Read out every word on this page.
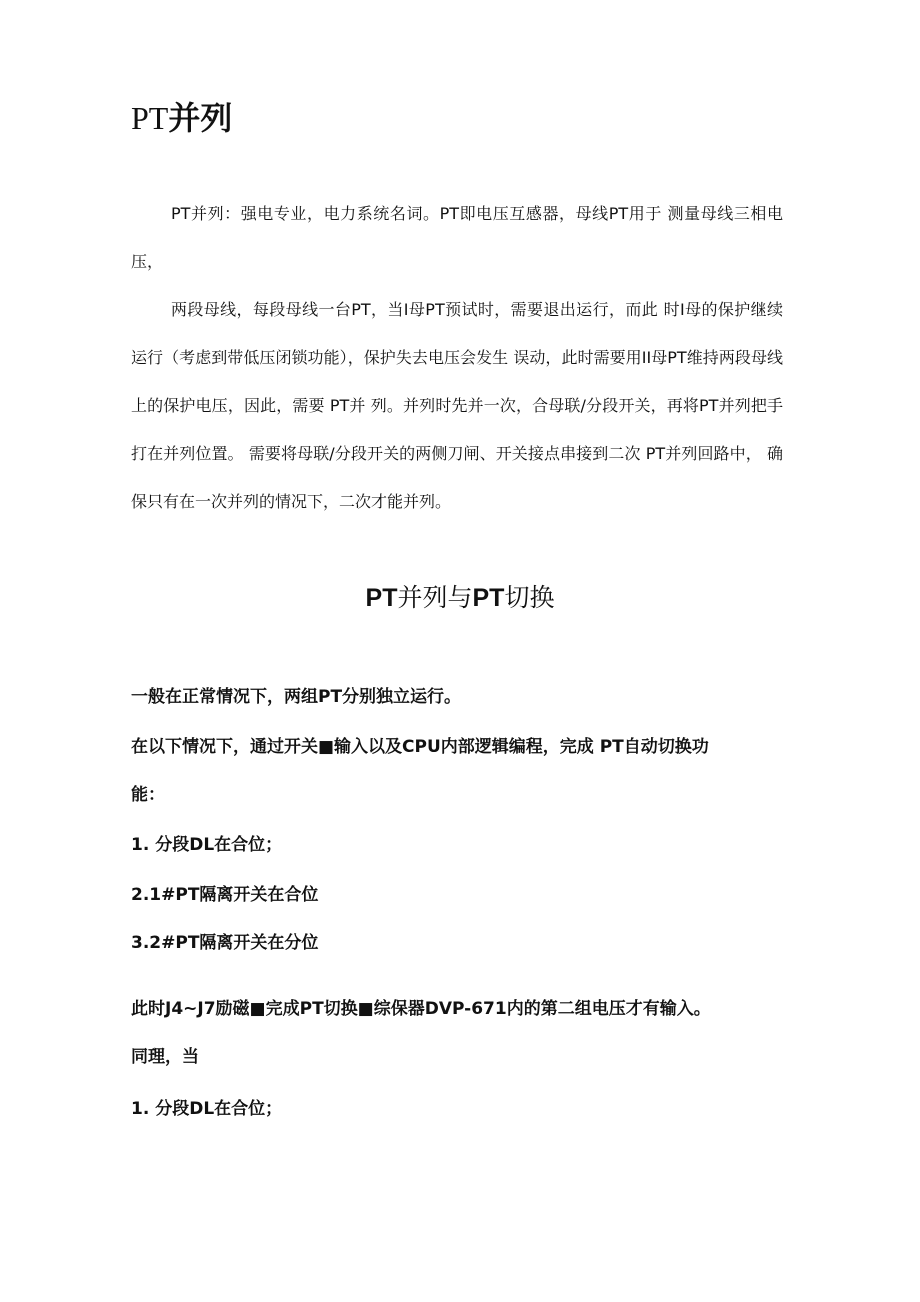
PT并列

PT并列：强电专业，电力系统名词。PT即电压互感器，母线PT用于 测量母线三相电压，

两段母线，每段母线一台PT，当I母PT预试时，需要退出运行，而此 时I母的保护继续运行（考虑到带低压闭锁功能），保护失去电压会发生 误动，此时需要用II母PT维持两段母线上的保护电压，因此，需要 PT并 列。并列时先并一次，合母联/分段开关，再将PT并列把手打在并列位置。 需要将母联/分段开关的两侧刀闸、开关接点串接到二次 PT并列回路中， 确保只有在一次并列的情况下，二次才能并列。

PT并列与PT切换

一般在正常情况下，两组PT分别独立运行。

在以下情况下，通过开关■输入以及CPU内部逻辑编程，完成 PT自动切换功

能：

1. 分段DL在合位；

2.1#PT隔离开关在合位

3.2#PT隔离开关在分位

此时J4~J7励磁■完成PT切换■综保器DVP-671内的第二组电压才有输入。

同理，当

1. 分段DL在合位；
